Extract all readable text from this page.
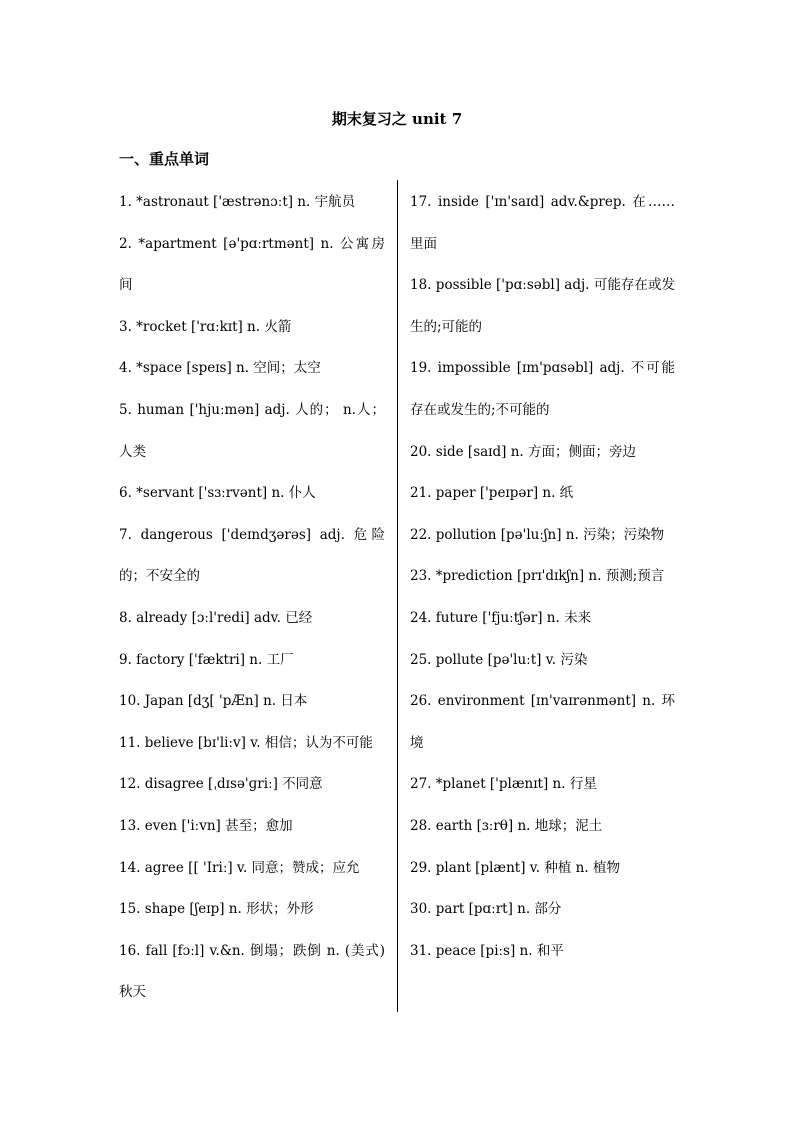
期末复习之 unit 7
一、重点单词
1. *astronaut ['æstrənɔːt] n. 宇航员
2. *apartment [ə'pɑːrtmənt] n. 公寓房间
3. *rocket ['rɑːkɪt] n. 火箭
4. *space [speɪs] n. 空间；太空
5. human ['hjuːmən] adj. 人的； n.人；人类
6. *servant ['sɜːrvənt] n. 仆人
7. dangerous ['deɪndʒərəs] adj. 危险的；不安全的
8. already [ɔːl'redi] adv. 已经
9. factory ['fæktri] n. 工厂
10. Japan [dʒ[ 'pÆn] n. 日本
11. believe [bɪ'liːv] v. 相信；认为不可能
12. disagree [ˌdɪsə'ɡriː] 不同意
13. even ['iːvn] 甚至；愈加
14. agree [[ 'Ⅰriː] v. 同意；赞成；应允
15. shape [ʃeɪp] n. 形状；外形
16. fall [fɔːl] v.&n. 倒塌；跌倒 n. (美式)秋天
17. inside ['ɪn'saɪd] adv.&prep. 在……里面
18. possible ['pɑːsəbl] adj. 可能存在或发生的;可能的
19. impossible [ɪm'pɑsəbl] adj. 不可能存在或发生的;不可能的
20. side [saɪd] n. 方面；侧面；旁边
21. paper ['peɪpər] n. 纸
22. pollution [pə'luːʃn] n. 污染；污染物
23. *prediction [prɪ'dɪkʃn] n. 预测;预言
24. future ['fjuːtʃər] n. 未来
25. pollute [pə'luːt] v. 污染
26. environment [ɪn'vaɪrənmənt] n. 环境
27. *planet ['plænɪt] n. 行星
28. earth [ɜːrθ] n. 地球；泥土
29. plant [plænt] v. 种植 n. 植物
30. part [pɑːrt] n. 部分
31. peace [piːs] n. 和平
